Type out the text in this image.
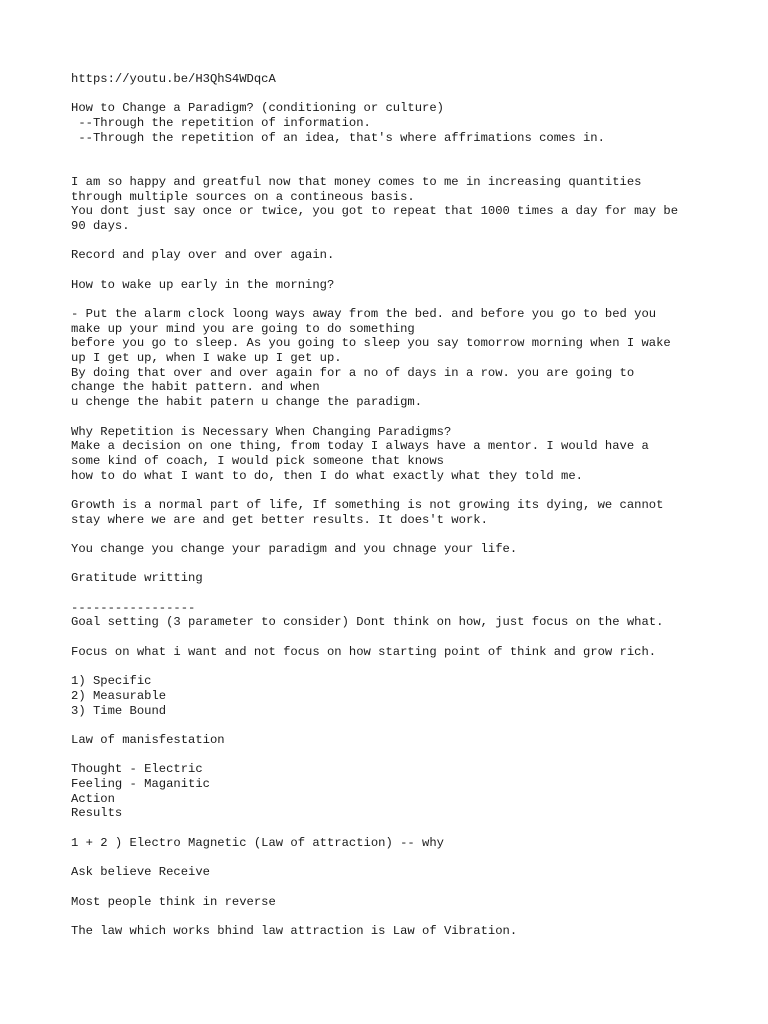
https://youtu.be/H3QhS4WDqcA
How to Change a Paradigm? (conditioning or culture)
--Through the repetition of information.
--Through the repetition of an idea, that's where affrimations comes in.
I am so happy and greatful now that money comes to me in increasing quantities
through multiple sources on a contineous basis.
You dont just say once or twice, you got to repeat that 1000 times a day for may be
90 days.
Record and play over and over again.
How to wake up early in the morning?
- Put the alarm clock loong ways away from the bed. and before you go to bed you
make up your mind you are going to do something
before you go to sleep. As you going to sleep you say tomorrow morning when I wake
up I get up, when I wake up I get up.
By doing that over and over again for a no of days in a row. you are going to
change the habit pattern. and when
u chenge the habit patern u change the paradigm.
Why Repetition is Necessary When Changing Paradigms?
Make a decision on one thing, from today I always have a mentor. I would have a
some kind of coach, I would pick someone that knows
how to do what I want to do, then I do what exactly what they told me.
Growth is a normal part of life, If something is not growing its dying, we cannot
stay where we are and get better results. It does't work.
You change you change your paradigm and you chnage your life.
Gratitude writting
-----------------
Goal setting (3 parameter to consider) Dont think on how, just focus on the what.
Focus on what i want and not focus on how starting point of think and grow rich.
1) Specific
2) Measurable
3) Time Bound
Law of manisfestation
Thought - Electric
Feeling - Maganitic
Action
Results
1 + 2 ) Electro Magnetic (Law of attraction) -- why
Ask believe Receive
Most people think in reverse
The law which works bhind law attraction is Law of Vibration.
